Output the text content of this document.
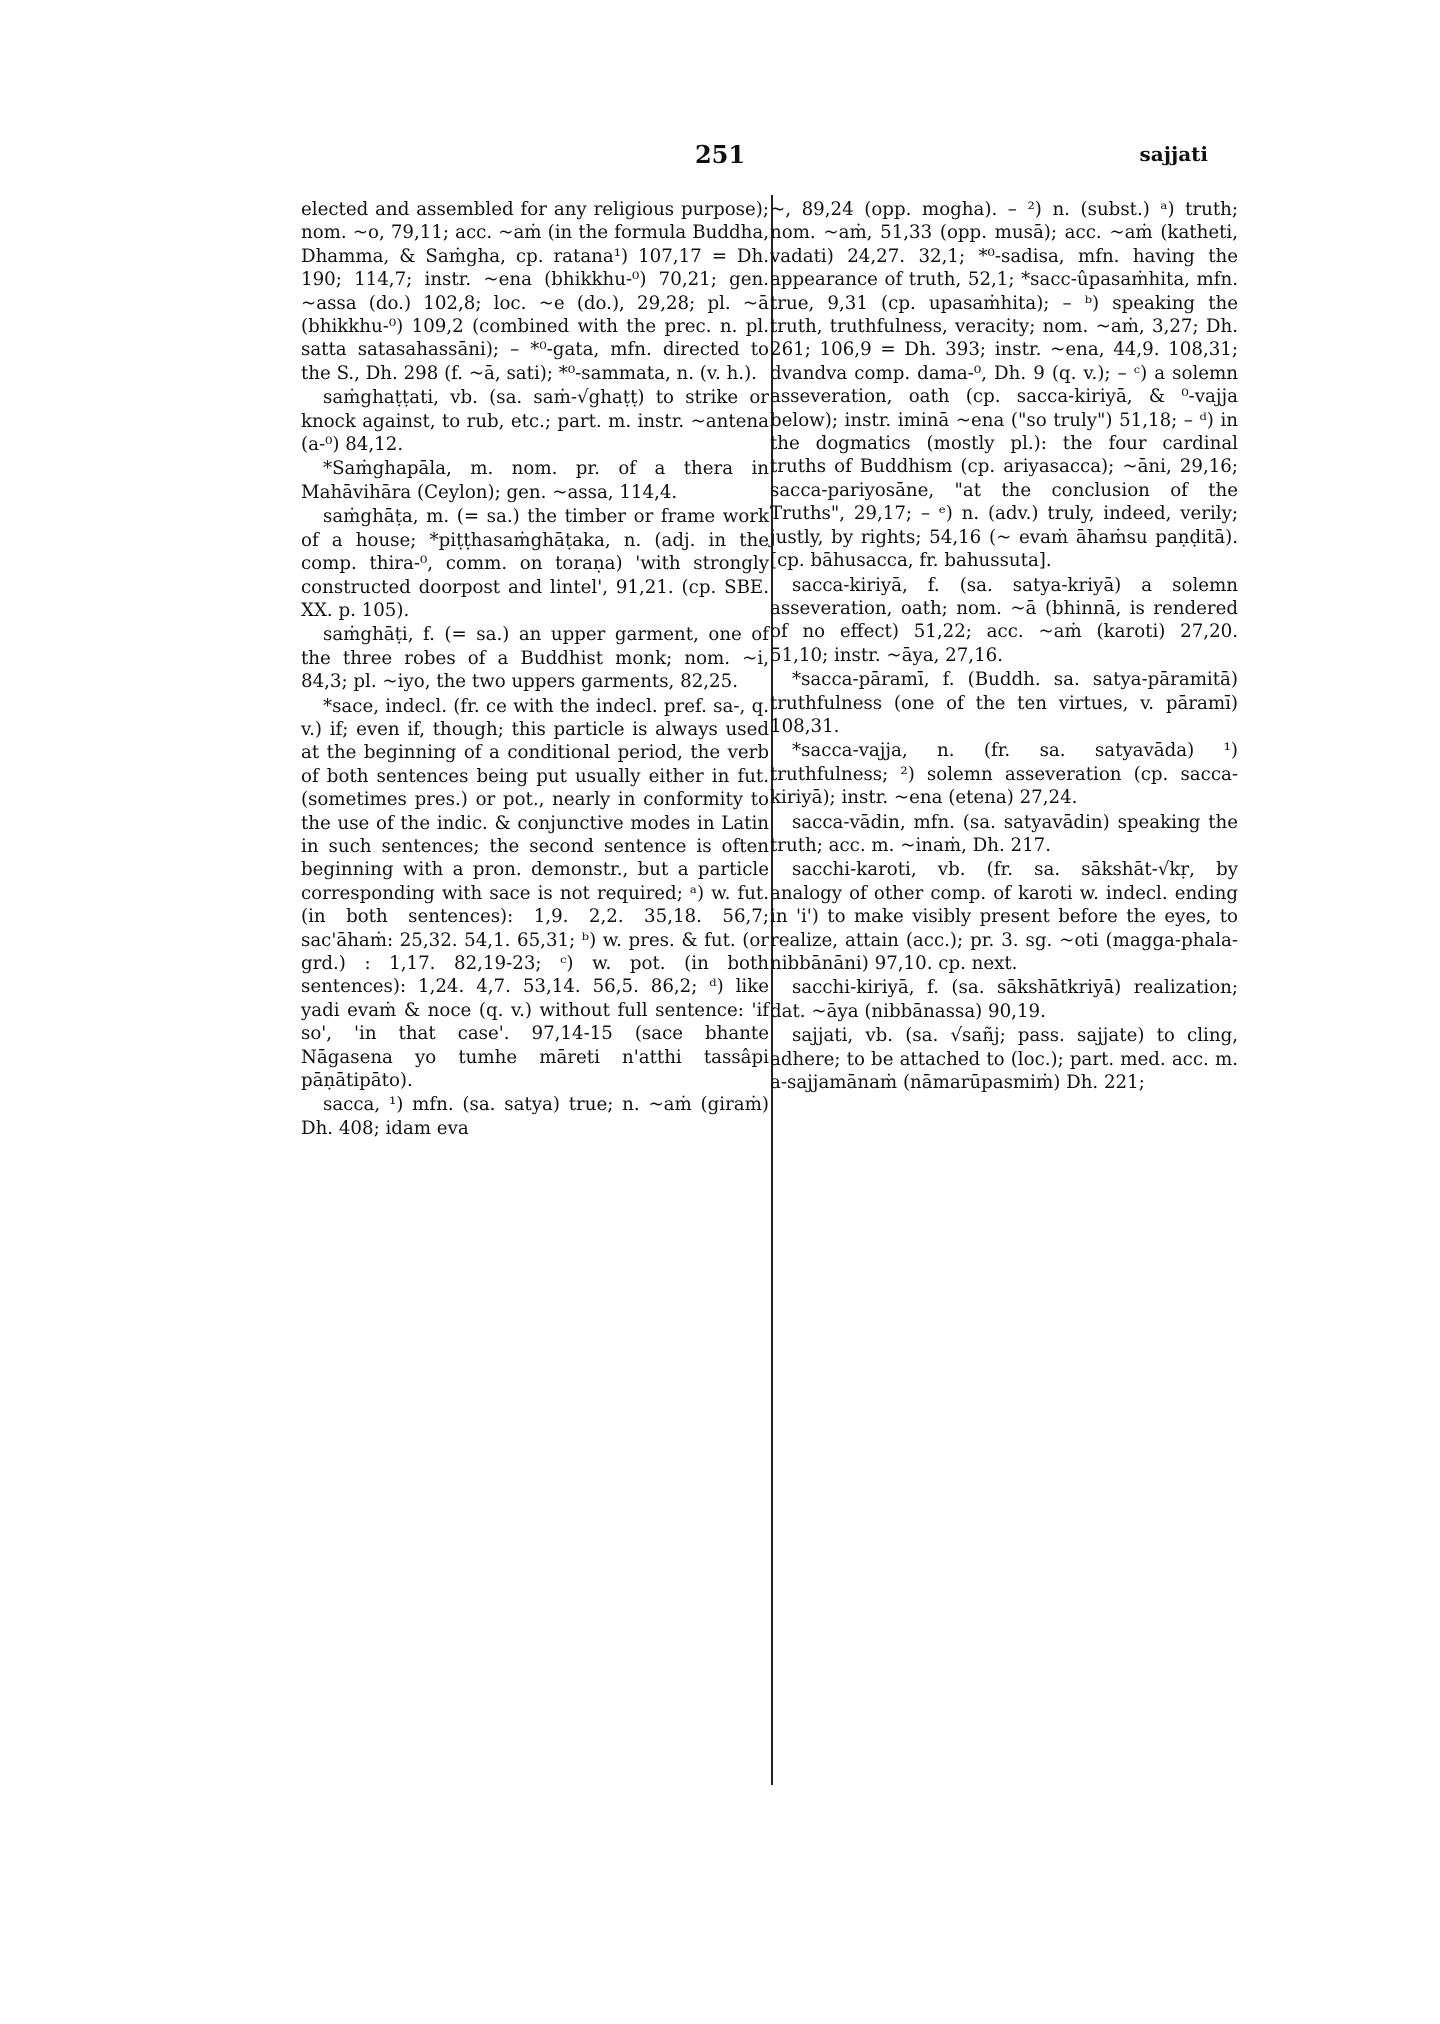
251	sajjati

elected and assembled for any religious purpose); nom. ~o, 79,11; acc. ~aṁ (in the formula Buddha, Dhamma, & Saṁgha, cp. ratana¹) 107,17 = Dh. 190; 114,7; instr. ~ena (bhikkhu-⁰) 70,21; gen. ~assa (do.) 102,8; loc. ~e (do.), 29,28; pl. ~ā (bhikkhu-⁰) 109,2 (combined with the prec. n. pl. satta satasahassāni); – *⁰-gata, mfn. directed to the S., Dh. 298 (f. ~ā, sati); *⁰-sammata, n. (v. h.).

saṁghaṭṭati, vb. (sa. saṁ-√ghaṭṭ) to strike or knock against, to rub, etc.; part. m. instr. ~antena (a-⁰) 84,12.

*Saṁghapāla, m. nom. pr. of a thera in Mahāvihāra (Ceylon); gen. ~assa, 114,4.

saṁghāṭa, m. (= sa.) the timber or frame work of a house; *piṭṭhasaṁghāṭaka, n. (adj. in the comp. thira-⁰, comm. on toraṇa) 'with strongly constructed doorpost and lintel', 91,21. (cp. SBE. XX. p. 105).

saṁghāṭi, f. (= sa.) an upper garment, one of the three robes of a Buddhist monk; nom. ~i, 84,3; pl. ~iyo, the two uppers garments, 82,25.

*sace, indecl. (fr. ce with the indecl. pref. sa-, q. v.) if; even if, though; this particle is always used at the beginning of a conditional period, the verb of both sentences being put usually either in fut. (sometimes pres.) or pot., nearly in conformity to the use of the indic. & conjunctive modes in Latin in such sentences; the second sentence is often beginning with a pron. demonstr., but a particle corresponding with sace is not required; ᵃ) w. fut. (in both sentences): 1,9. 2,2. 35,18. 56,7; sac'āhaṁ: 25,32. 54,1. 65,31; ᵇ) w. pres. & fut. (or grd.) : 1,17. 82,19-23; ᶜ) w. pot. (in both sentences): 1,24. 4,7. 53,14. 56,5. 86,2; ᵈ) like yadi evaṁ & noce (q. v.) without full sentence: 'if so', 'in that case'. 97,14-15 (sace bhante Nāgasena yo tumhe māreti n'atthi tassâpi pāṇātipāto).

sacca, ¹) mfn. (sa. satya) true; n. ~aṁ (giraṁ) Dh. 408; idam eva

~, 89,24 (opp. mogha). – ²) n. (subst.) ᵃ) truth; nom. ~aṁ, 51,33 (opp. musā); acc. ~aṁ (katheti, vadati) 24,27. 32,1; *⁰-sadisa, mfn. having the appearance of truth, 52,1; *sacc-ûpasaṁhita, mfn. true, 9,31 (cp. upasaṁhita); – ᵇ) speaking the truth, truthfulness, veracity; nom. ~aṁ, 3,27; Dh. 261; 106,9 = Dh. 393; instr. ~ena, 44,9. 108,31; dvandva comp. dama-⁰, Dh. 9 (q. v.); – ᶜ) a solemn asseveration, oath (cp. sacca-kiriyā, & ⁰-vajja below); instr. iminā ~ena ("so truly") 51,18; – ᵈ) in the dogmatics (mostly pl.): the four cardinal truths of Buddhism (cp. ariyasacca); ~āni, 29,16; sacca-pariyosāne, "at the conclusion of the Truths", 29,17; – ᵉ) n. (adv.) truly, indeed, verily; justly, by rights; 54,16 (~ evaṁ āhaṁsu paṇḍitā). [cp. bāhusacca, fr. bahussuta].

sacca-kiriyā, f. (sa. satya-kriyā) a solemn asseveration, oath; nom. ~ā (bhinnā, is rendered of no effect) 51,22; acc. ~aṁ (karoti) 27,20. 51,10; instr. ~āya, 27,16.

*sacca-pāramī, f. (Buddh. sa. satya-pāramitā) truthfulness (one of the ten virtues, v. pāramī) 108,31.

*sacca-vajja, n. (fr. sa. satyavāda) ¹) truthfulness; ²) solemn asseveration (cp. sacca-kiriyā); instr. ~ena (etena) 27,24.

sacca-vādin, mfn. (sa. satyavādin) speaking the truth; acc. m. ~inaṁ, Dh. 217.

sacchi-karoti, vb. (fr. sa. sākshāt-√kṛ, by analogy of other comp. of karoti w. indecl. ending in 'i') to make visibly present before the eyes, to realize, attain (acc.); pr. 3. sg. ~oti (magga-phala-nibbānāni) 97,10. cp. next.

sacchi-kiriyā, f. (sa. sākshātkriyā) realization; dat. ~āya (nibbānassa) 90,19.

sajjati, vb. (sa. √sañj; pass. sajjate) to cling, adhere; to be attached to (loc.); part. med. acc. m. a-sajjamānaṁ (nāmarūpasmiṁ) Dh. 221;
